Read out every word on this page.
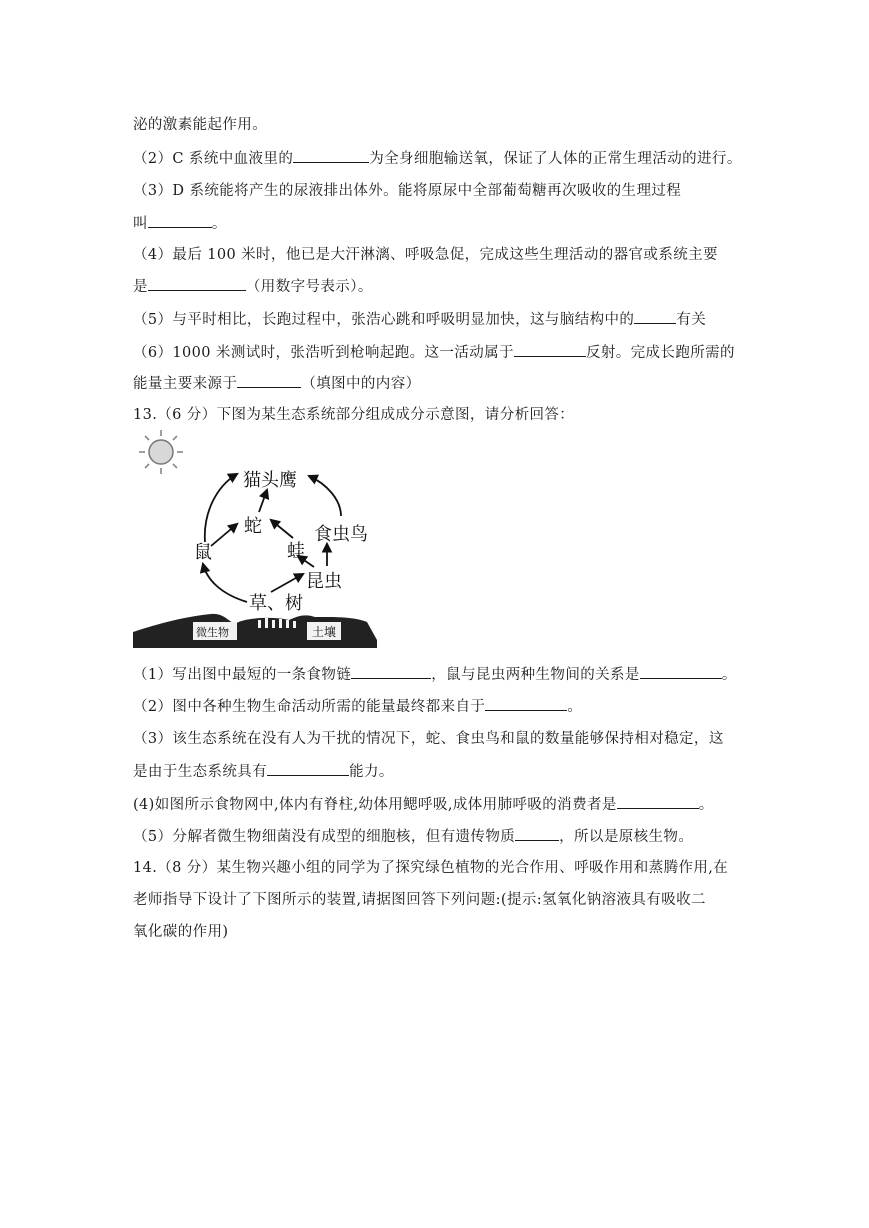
泌的激素能起作用。
（2）C 系统中血液里的	为全身细胞输送氧，保证了人体的正常生理活动的进行。
（3）D 系统能将产生的尿液排出体外。能将原尿中全部葡萄糖再次吸收的生理过程
叫	。
（4）最后 100 米时，他已是大汗淋漓、呼吸急促，完成这些生理活动的器官或系统主要
是	（用数字号表示）。
（5）与平时相比，长跑过程中，张浩心跳和呼吸明显加快，这与脑结构中的	有关
（6）1000 米测试时，张浩听到枪响起跑。这一活动属于	反射。完成长跑所需的
能量主要来源于	（填图中的内容）
13.（6 分）下图为某生态系统部分组成成分示意图，请分析回答：
猫头鹰
蛇	食虫鸟
鼠	蛙
昆虫
草、树
微生物	土壤
（1）写出图中最短的一条食物链	，鼠与昆虫两种生物间的关系是	。
（2）图中各种生物生命活动所需的能量最终都来自于	。
（3）该生态系统在没有人为干扰的情况下，蛇、食虫鸟和鼠的数量能够保持相对稳定，这
是由于生态系统具有	能力。
(4)如图所示食物网中,体内有脊柱,幼体用鳃呼吸,成体用肺呼吸的消费者是	。
（5）分解者微生物细菌没有成型的细胞核，但有遗传物质	，所以是原核生物。
14.（8 分）某生物兴趣小组的同学为了探究绿色植物的光合作用、呼吸作用和蒸腾作用,在
老师指导下设计了下图所示的装置,请据图回答下列问题:(提示:氢氧化钠溶液具有吸收二
氧化碳的作用)
